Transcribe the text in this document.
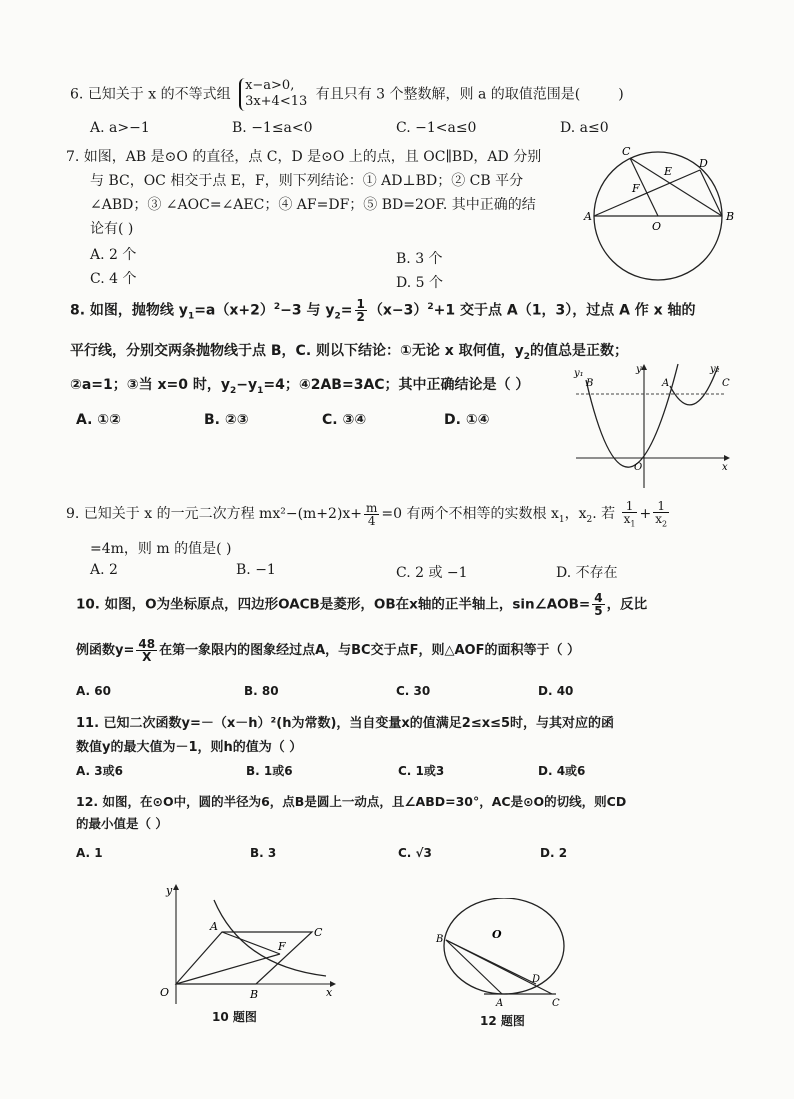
6. 已知关于 x 的不等式组 x−a>0,
3x+4<13 有且只有 3 个整数解，则 a 的取值范围是(	)
A. a>−1	B. −1≤a<0	C. −1<a≤0	D. a≤0
7. 如图，AB 是⊙O 的直径，点 C，D 是⊙O 上的点，且 OC∥BD，AD 分别
与 BC，OC 相交于点 E，F，则下列结论：① AD⊥BD；② CB 平分
∠ABD；③ ∠AOC=∠AEC；④ AF=DF；⑤ BD=2OF. 其中正确的结
论有( )
A. 2 个	B. 3 个
C. 4 个	D. 5 个
C
D
E
F
A	B
O
8. 如图，抛物线 $y_1=a(x+2)^2-3$ 与 $y_2= \frac{1}{2} (x-3)^2+1$ 交于点 A（1，3），过点 A 作 x 轴的
平行线，分别交两条抛物线于点 B，C. 则以下结论：①无论 x 取何值，$y_2$的值总是正数；
②a=1；③当 x=0 时，$y_2-y_1=4$；④2AB=3AC；其中正确结论是（ ）
A. ①②	B. ②③	C. ③④	D. ①④
y₁
B
y
A
y₂
C
O	x
9. 已知关于 x 的一元二次方程 $mx^2-(m+2)x+ \frac{m}{4} =0$ 有两个不相等的实数根 $x_1$，$x_2$. 若 $\frac{1}{x_1} + \frac{1}{x_2}$
=4m，则 m 的值是( )
A. 2	B. −1	C. 2 或 −1	D. 不存在
10. 如图，O为坐标原点，四边形OACB是菱形，OB在x轴的正半轴上，sin∠AOB= $\frac{4}{5}$ ，反比
例函数$y= \frac{48}{X}$ 在第一象限内的图象经过点A，与BC交于点F，则△AOF的面积等于（ ）
A. 60	B. 80	C. 30	D. 40
11. 已知二次函数y=－（x－h）²(h为常数)，当自变量x的值满足2≤x≤5时，与其对应的函
数值y的最大值为－1，则h的值为（ ）
A. 3或6	B. 1或6	C. 1或3	D. 4或6
12. 如图，在⊙O中，圆的半径为6，点B是圆上一动点，且∠ABD=30°，AC是⊙O的切线，则CD
的最小值是（ ）
A. 1	B. 3	C. √3	D. 2
y
A	C
F
O	B	x
10 题图
B	O
D
A	C
12 题图
